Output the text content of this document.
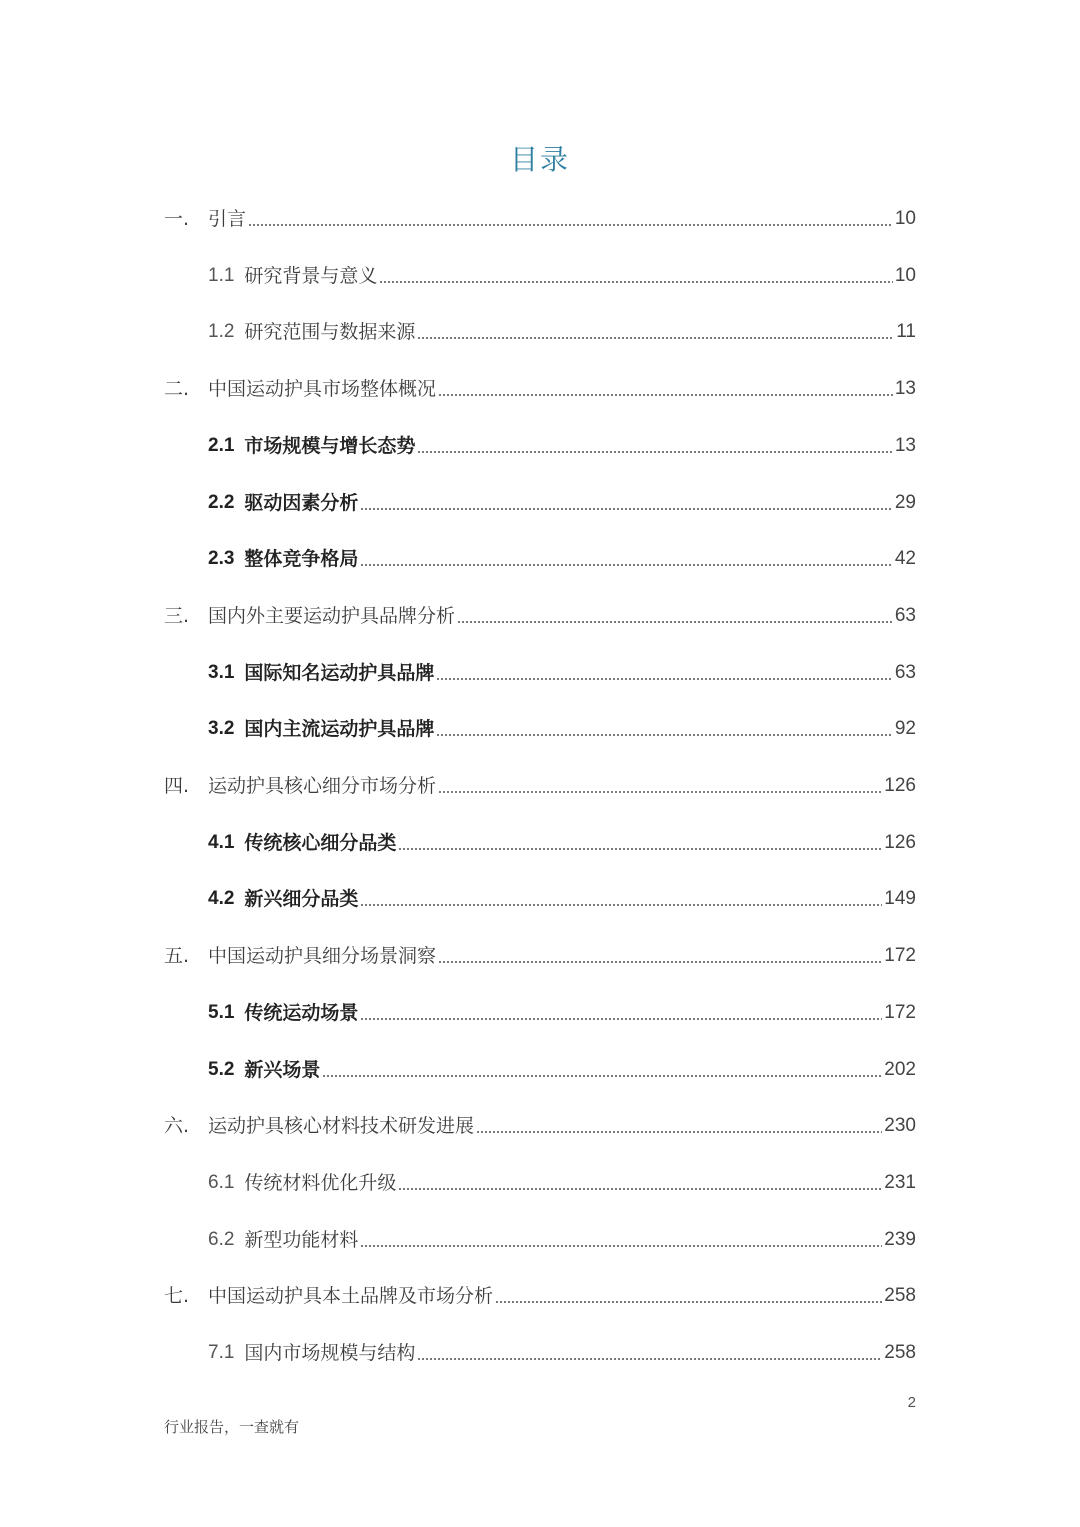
目录
一. 引言	10
1.1 研究背景与意义	10
1.2 研究范围与数据来源	11
二. 中国运动护具市场整体概况	13
2.1 市场规模与增长态势	13
2.2 驱动因素分析	29
2.3 整体竞争格局	42
三. 国内外主要运动护具品牌分析	63
3.1 国际知名运动护具品牌	63
3.2 国内主流运动护具品牌	92
四. 运动护具核心细分市场分析	126
4.1 传统核心细分品类	126
4.2 新兴细分品类	149
五. 中国运动护具细分场景洞察	172
5.1 传统运动场景	172
5.2 新兴场景	202
六. 运动护具核心材料技术研发进展	230
6.1 传统材料优化升级	231
6.2 新型功能材料	239
七. 中国运动护具本土品牌及市场分析	258
7.1 国内市场规模与结构	258
2
行业报告，一查就有
